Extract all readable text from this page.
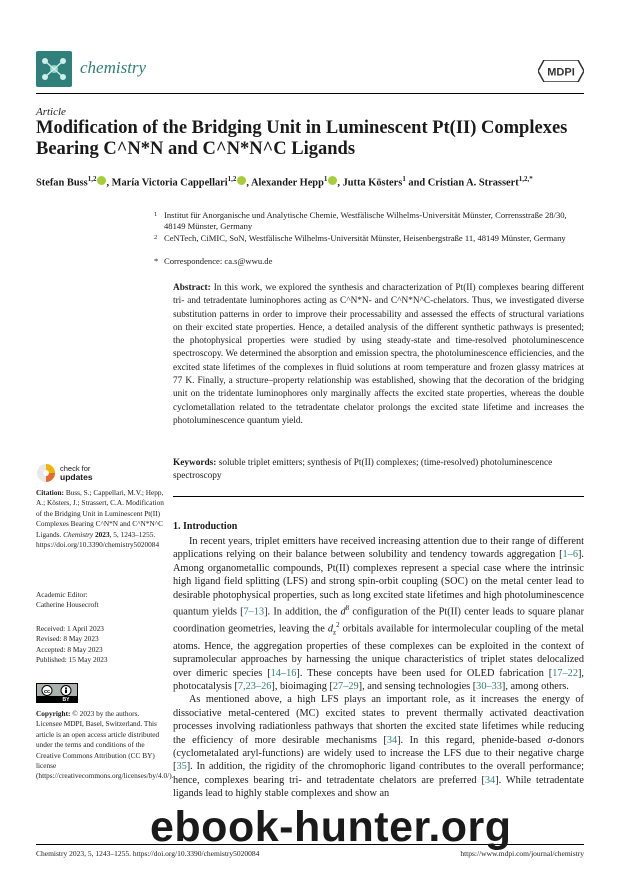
chemistry	MDPI
Article
Modification of the Bridging Unit in Luminescent Pt(II) Complexes Bearing C^N*N and C^N*N^C Ligands
Stefan Buss$^{1,2}$ , María Victoria Cappellari$^{1,2}$ , Alexander Hepp$^1$ , Jutta Kösters$^1$ and Cristian A. Strassert$^{1,2,*}$
1 Institut für Anorganische und Analytische Chemie, Westfälische Wilhelms-Universität Münster, Corrensstraße 28/30, 48149 Münster, Germany
2 CeNTech, CiMIC, SoN, Westfälische Wilhelms-Universität Münster, Heisenbergstraße 11, 48149 Münster, Germany
* Correspondence: ca.s@wwu.de
Abstract: In this work, we explored the synthesis and characterization of Pt(II) complexes bearing different tri- and tetradentate luminophores acting as C^N*N- and C^N*N^C-chelators. Thus, we investigated diverse substitution patterns in order to improve their processability and assessed the effects of structural variations on their excited state properties. Hence, a detailed analysis of the different synthetic pathways is presented; the photophysical properties were studied by using steady-state and time-resolved photoluminescence spectroscopy. We determined the absorption and emission spectra, the photoluminescence efficiencies, and the excited state lifetimes of the complexes in fluid solutions at room temperature and frozen glassy matrices at 77 K. Finally, a structure–property relationship was established, showing that the decoration of the bridging unit on the tridentate luminophores only marginally affects the excited state properties, whereas the double cyclometallation related to the tetradentate chelator prolongs the excited state lifetime and increases the photoluminescence quantum yield.
Keywords: soluble triplet emitters; synthesis of Pt(II) complexes; (time-resolved) photoluminescence spectroscopy
check for
updates
Citation: Buss, S.; Cappellari, M.V.; Hepp, A.; Kösters, J.; Strassert, C.A. Modification of the Bridging Unit in Luminescent Pt(II) Complexes Bearing C^N*N and C^N*N^C Ligands. Chemistry 2023, 5, 1243–1255. https://doi.org/10.3390/chemistry5020084
Academic Editor:
Catherine Housecroft
Received: 1 April 2023
Revised: 8 May 2023
Accepted: 8 May 2023
Published: 15 May 2023
cc
BY
Copyright: © 2023 by the authors. Licensee MDPI, Basel, Switzerland. This article is an open access article distributed under the terms and conditions of the Creative Commons Attribution (CC BY) license (https://creativecommons.org/licenses/by/4.0/).
1. Introduction

In recent years, triplet emitters have received increasing attention due to their range of different applications relying on their balance between solubility and tendency towards aggregation [1–6]. Among organometallic compounds, Pt(II) complexes represent a special case where the intrinsic high ligand field splitting (LFS) and strong spin-orbit coupling (SOC) on the metal center lead to desirable photophysical properties, such as long excited state lifetimes and high photoluminescence quantum yields [7–13]. In addition, the $d^8$ configuration of the Pt(II) center leads to square planar coordination geometries, leaving the $d_z^2$ orbitals available for intermolecular coupling of the metal atoms. Hence, the aggregation properties of these complexes can be exploited in the context of supramolecular approaches by harnessing the unique characteristics of triplet states delocalized over dimeric species [14–16]. These concepts have been used for OLED fabrication [17–22], photocatalysis [7,23–26], bioimaging [27–29], and sensing technologies [30–33], among others.

As mentioned above, a high LFS plays an important role, as it increases the energy of dissociative metal-centered (MC) excited states to prevent thermally activated deactivation processes involving radiationless pathways that shorten the excited state lifetimes while reducing the efficiency of more desirable mechanisms [34]. In this regard, phenide-based σ-donors (cyclometalated aryl-functions) are widely used to increase the LFS due to their negative charge [35]. In addition, the rigidity of the chromophoric ligand contributes to the overall performance; hence, complexes bearing tri- and tetradentate chelators are preferred [34]. While tetradentate ligands lead to highly stable complexes and show an

Chemistry 2023, 5, 1243–1255. https://doi.org/10.3390/chemistry5020084	https://www.mdpi.com/journal/chemistry
ebook-hunter.org
